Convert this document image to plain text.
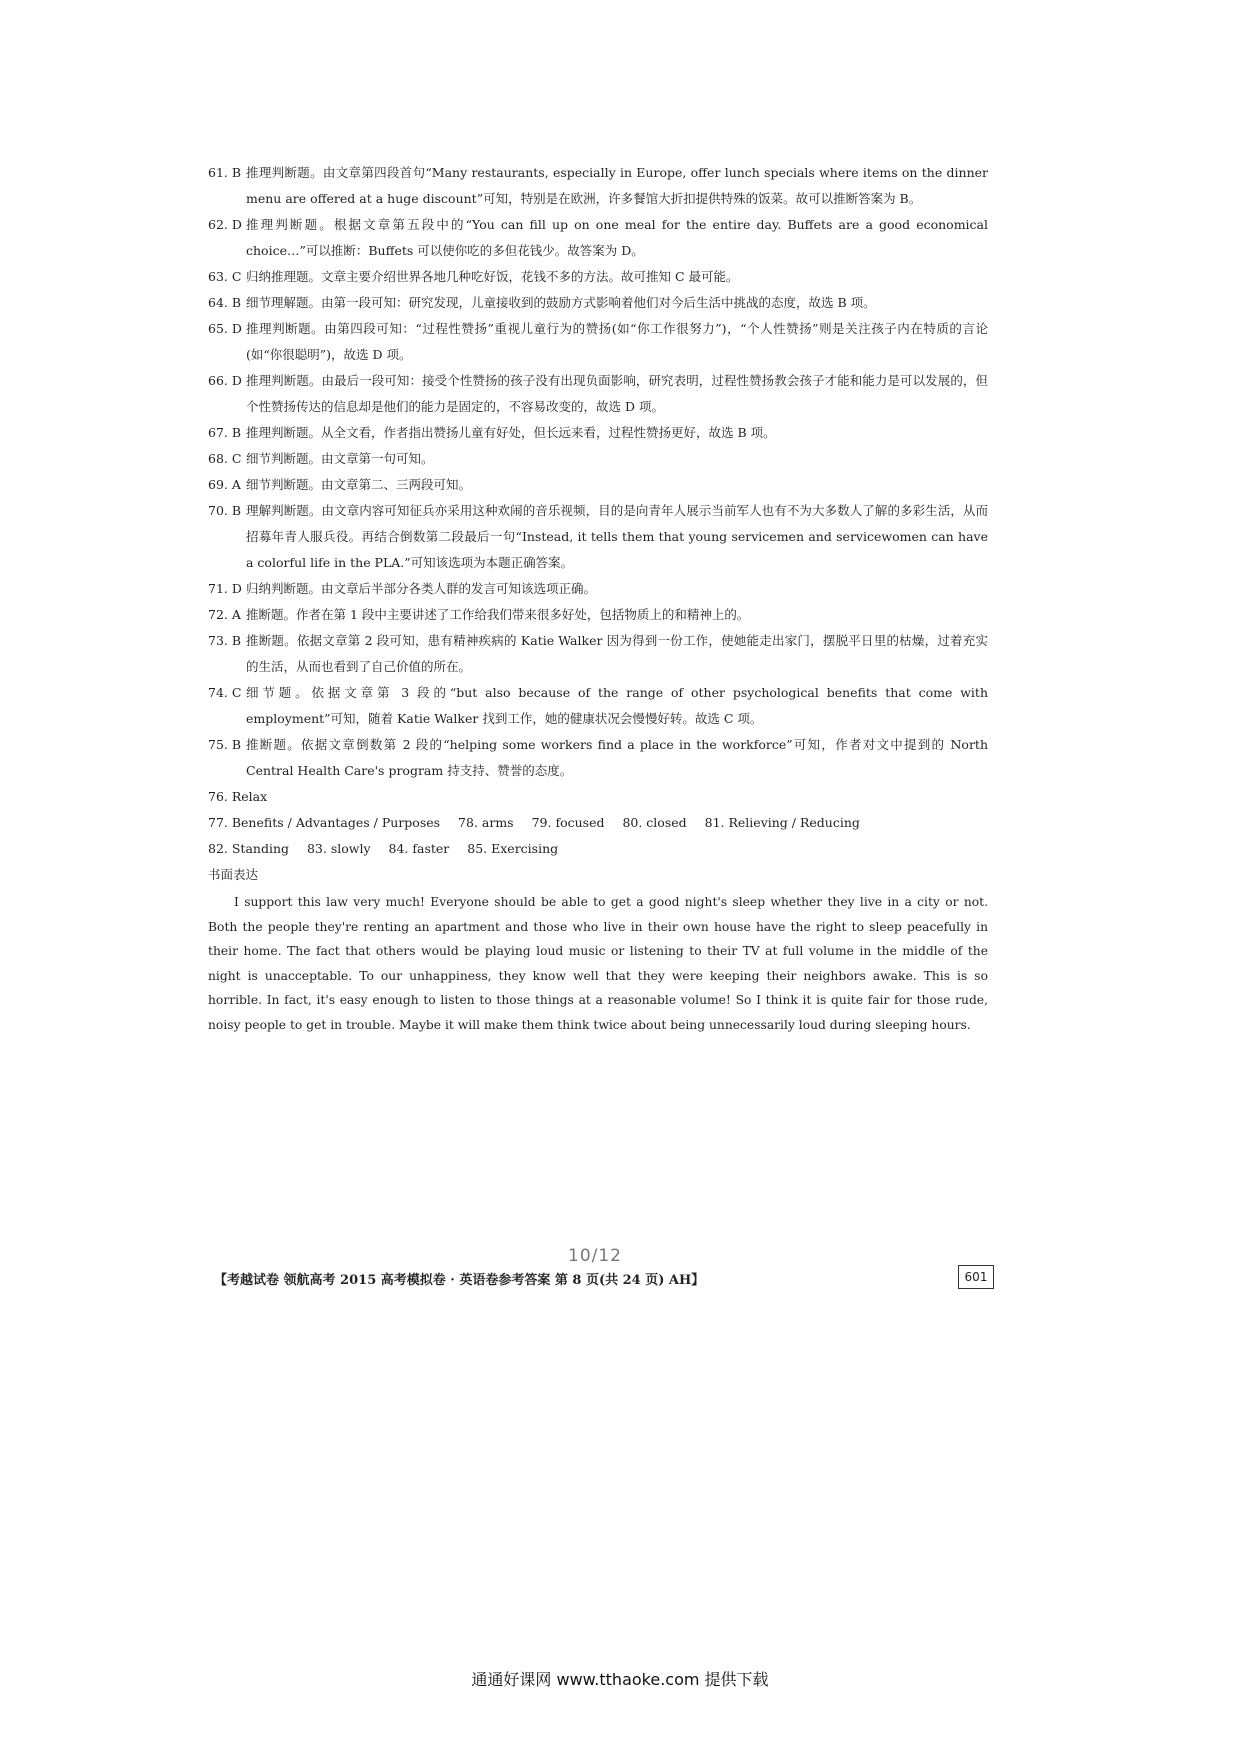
61. B 推理判断题。由文章第四段首句“Many restaurants, especially in Europe, offer lunch specials where items on the dinner menu are offered at a huge discount”可知，特别是在欧洲，许多餐馆大折扣提供特殊的饭菜。故可以推断答案为 B。

62. D 推理判断题。根据文章第五段中的“You can fill up on one meal for the entire day. Buffets are a good economical choice…”可以推断：Buffets 可以使你吃的多但花钱少。故答案为 D。

63. C 归纳推理题。文章主要介绍世界各地几种吃好饭，花钱不多的方法。故可推知 C 最可能。

64. B 细节理解题。由第一段可知：研究发现，儿童接收到的鼓励方式影响着他们对今后生活中挑战的态度，故选 B 项。

65. D 推理判断题。由第四段可知：“过程性赞扬”重视儿童行为的赞扬(如“你工作很努力”)，“个人性赞扬”则是关注孩子内在特质的言论(如“你很聪明”)，故选 D 项。

66. D 推理判断题。由最后一段可知：接受个性赞扬的孩子没有出现负面影响，研究表明，过程性赞扬教会孩子才能和能力是可以发展的，但个性赞扬传达的信息却是他们的能力是固定的，不容易改变的，故选 D 项。

67. B 推理判断题。从全文看，作者指出赞扬儿童有好处，但长远来看，过程性赞扬更好，故选 B 项。

68. C 细节判断题。由文章第一句可知。

69. A 细节判断题。由文章第二、三两段可知。

70. B 理解判断题。由文章内容可知征兵亦采用这种欢闹的音乐视频，目的是向青年人展示当前军人也有不为大多数人了解的多彩生活，从而招募年青人服兵役。再结合倒数第二段最后一句“Instead, it tells them that young servicemen and servicewomen can have a colorful life in the PLA.”可知该选项为本题正确答案。

71. D 归纳判断题。由文章后半部分各类人群的发言可知该选项正确。

72. A 推断题。作者在第 1 段中主要讲述了工作给我们带来很多好处，包括物质上的和精神上的。

73. B 推断题。依据文章第 2 段可知，患有精神疾病的 Katie Walker 因为得到一份工作，使她能走出家门，摆脱平日里的枯燥，过着充实的生活，从而也看到了自己价值的所在。

74. C 细节题。依据文章第 3 段的“but also because of the range of other psychological benefits that come with employment”可知，随着 Katie Walker 找到工作，她的健康状况会慢慢好转。故选 C 项。

75. B 推断题。依据文章倒数第 2 段的“helping some workers find a place in the workforce”可知，作者对文中提到的 North Central Health Care's program 持支持、赞誉的态度。

76. Relax

77. Benefits / Advantages / Purposes 78. arms 79. focused 80. closed 81. Relieving / Reducing

82. Standing 83. slowly 84. faster 85. Exercising

书面表达

I support this law very much! Everyone should be able to get a good night's sleep whether they live in a city or not. Both the people they're renting an apartment and those who live in their own house have the right to sleep peacefully in their home. The fact that others would be playing loud music or listening to their TV at full volume in the middle of the night is unacceptable. To our unhappiness, they know well that they were keeping their neighbors awake. This is so horrible. In fact, it's easy enough to listen to those things at a reasonable volume! So I think it is quite fair for those rude, noisy people to get in trouble. Maybe it will make them think twice about being unnecessarily loud during sleeping hours.

10/12
【考越试卷 领航高考 2015 高考模拟卷 · 英语卷参考答案 第 8 页(共 24 页) AH】	601
通通好课网 www.tthaoke.com 提供下载
